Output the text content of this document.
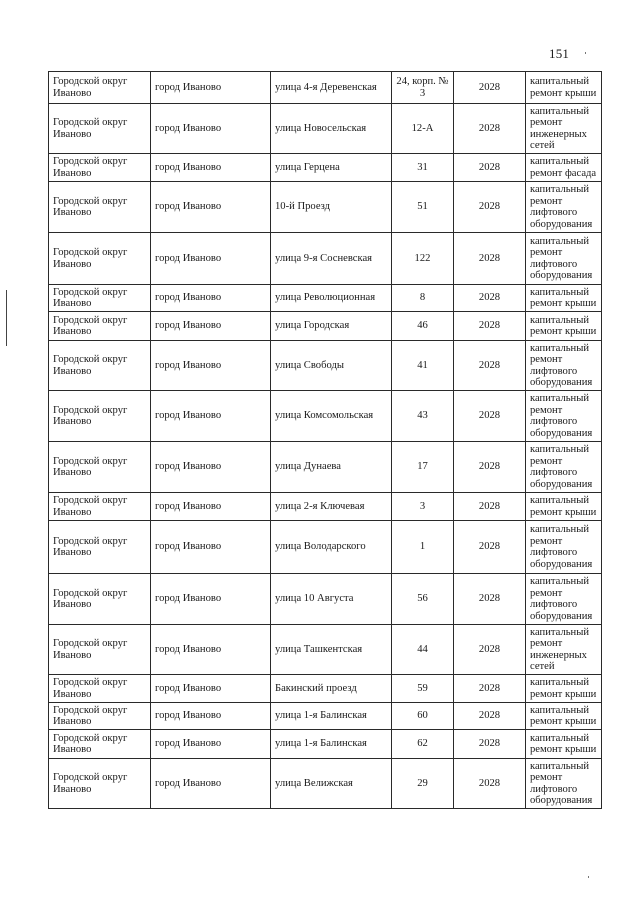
151
Городской округ Иваново	город Иваново	улица 4-я Деревенская	24, корп. № 3	2028	капитальный ремонт крыши
Городской округ Иваново	город Иваново	улица Новосельская	12-А	2028	капитальный ремонт инженерных сетей
Городской округ Иваново	город Иваново	улица Герцена	31	2028	капитальный ремонт фасада
Городской округ Иваново	город Иваново	10-й Проезд	51	2028	капитальный ремонт лифтового оборудования
Городской округ Иваново	город Иваново	улица 9-я Сосневская	122	2028	капитальный ремонт лифтового оборудования
Городской округ Иваново	город Иваново	улица Революционная	8	2028	капитальный ремонт крыши
Городской округ Иваново	город Иваново	улица Городская	46	2028	капитальный ремонт крыши
Городской округ Иваново	город Иваново	улица Свободы	41	2028	капитальный ремонт лифтового оборудования
Городской округ Иваново	город Иваново	улица Комсомольская	43	2028	капитальный ремонт лифтового оборудования
Городской округ Иваново	город Иваново	улица Дунаева	17	2028	капитальный ремонт лифтового оборудования
Городской округ Иваново	город Иваново	улица 2-я Ключевая	3	2028	капитальный ремонт крыши
Городской округ Иваново	город Иваново	улица Володарского	1	2028	капитальный ремонт лифтового оборудования
Городской округ Иваново	город Иваново	улица 10 Августа	56	2028	капитальный ремонт лифтового оборудования
Городской округ Иваново	город Иваново	улица Ташкентская	44	2028	капитальный ремонт инженерных сетей
Городской округ Иваново	город Иваново	Бакинский проезд	59	2028	капитальный ремонт крыши
Городской округ Иваново	город Иваново	улица 1-я Балинская	60	2028	капитальный ремонт крыши
Городской округ Иваново	город Иваново	улица 1-я Балинская	62	2028	капитальный ремонт крыши
Городской округ Иваново	город Иваново	улица Велижская	29	2028	капитальный ремонт лифтового оборудования
